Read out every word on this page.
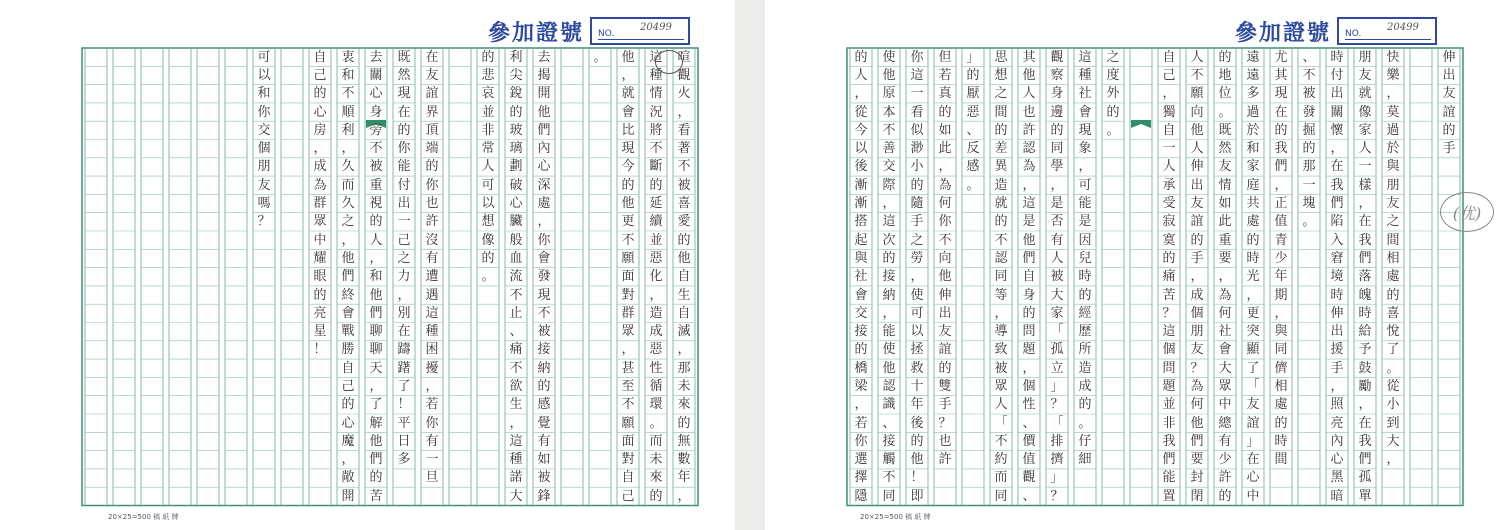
喧
觀
火
，
看
著
不
被
喜
愛
的
他
自
生
自
滅
，
那
未
來
的
無
數
年
，
這
種
情
況
將
不
斷
的
延
續
並
惡
化
，
造
成
惡
性
循
環
。
而
未
來
的
他
，
就
會
比
現
今
的
他
更
不
願
面
對
群
眾
，
甚
至
不
願
面
對
自
己
。
去
揭
開
他
們
內
心
深
處
，
你
會
發
現
不
被
接
納
的
感
覺
有
如
被
鋒
利
尖
銳
的
玻
璃
劃
破
心
臟
般
血
流
不
止
、
痛
不
欲
生
，
這
種
諾
大
的
悲
哀
並
非
常
人
可
以
想
像
的
。
在
友
誼
界
頂
端
的
你
也
許
沒
有
遭
遇
這
種
困
擾
，
若
你
有
一
旦
既
然
現
在
的
你
能
付
出
一
己
之
力
，
別
在
躊
躇
了
！
平
日
多
去
關
心
身
旁
不
被
重
視
的
人
，
和
他
們
聊
聊
天
，
了
解
他
們
的
苦
衷
和
不
順
利
，
久
而
久
之
，
他
們
終
會
戰
勝
自
己
的
心
魔
，
敞
開
自
己
的
心
房
，
成
為
群
眾
中
耀
眼
的
亮
星
！
可
以
和
你
交
個
朋
友
嗎
？
參加證號 NO.
20499
20×25=500 稿 紙 牌
伸
出
友
誼
的
手
快
樂
，
莫
過
於
與
朋
友
之
間
相
處
的
喜
悅
了
。
從
小
到
大
，
朋
友
就
像
家
人
一
樣
，
在
我
們
落
魄
時
給
予
鼓
勵
，
在
我
們
孤
單
時
付
出
關
懷
，
在
我
們
陷
入
窘
境
時
伸
出
援
手
，
照
亮
內
心
黑
暗
、
不
被
發
掘
的
那
一
塊
。
尤
其
現
在
的
我
們
，
正
值
青
少
年
期
，
與
同
儕
相
處
的
時
間
遠
遠
多
過
於
和
家
庭
共
處
的
時
光
，
更
突
顯
了
「
友
誼
」
在
心
中
的
地
位
。
既
然
友
情
如
此
重
要
，
為
何
社
會
大
眾
中
總
有
少
許
的
人
不
願
向
他
人
伸
出
友
誼
的
手
，
成
個
朋
友
？
為
何
他
們
要
封
閉
自
己
，
獨
自
一
人
承
受
寂
寞
的
痛
苦
？
這
個
問
題
並
非
我
們
能
置
之
度
外
的
。
這
種
社
會
現
象
，
可
能
是
因
兒
時
的
經
歷
所
造
成
的
。
仔
細
觀
察
身
邊
的
同
學
，
是
否
有
人
被
大
家
「
孤
立
」
？
「
排
擠
」
？
其
他
人
也
許
認
為
，
這
是
他
們
自
身
的
問
題
，
個
性
、
價
值
觀
、
思
想
之
間
的
差
異
造
就
的
不
認
同
等
，
導
致
被
眾
人
「
不
約
而
同
」
的
厭
惡
、
反
感
。
但
若
真
的
如
此
，
為
何
你
不
向
他
伸
出
友
誼
的
雙
手
？
也
許
你
這
一
看
似
渺
小
的
隨
手
之
勞
，
使
可
以
拯
救
十
年
後
的
他
！
即
使
他
原
本
不
善
交
際
，
這
次
的
接
納
，
能
使
他
認
識
、
接
觸
不
同
的
人
，
從
今
以
後
漸
漸
搭
起
與
社
會
交
接
的
橋
梁
，
若
你
選
擇
隱
參加證號 NO.
20499
(优)
20×25=500 稿 紙 牌
